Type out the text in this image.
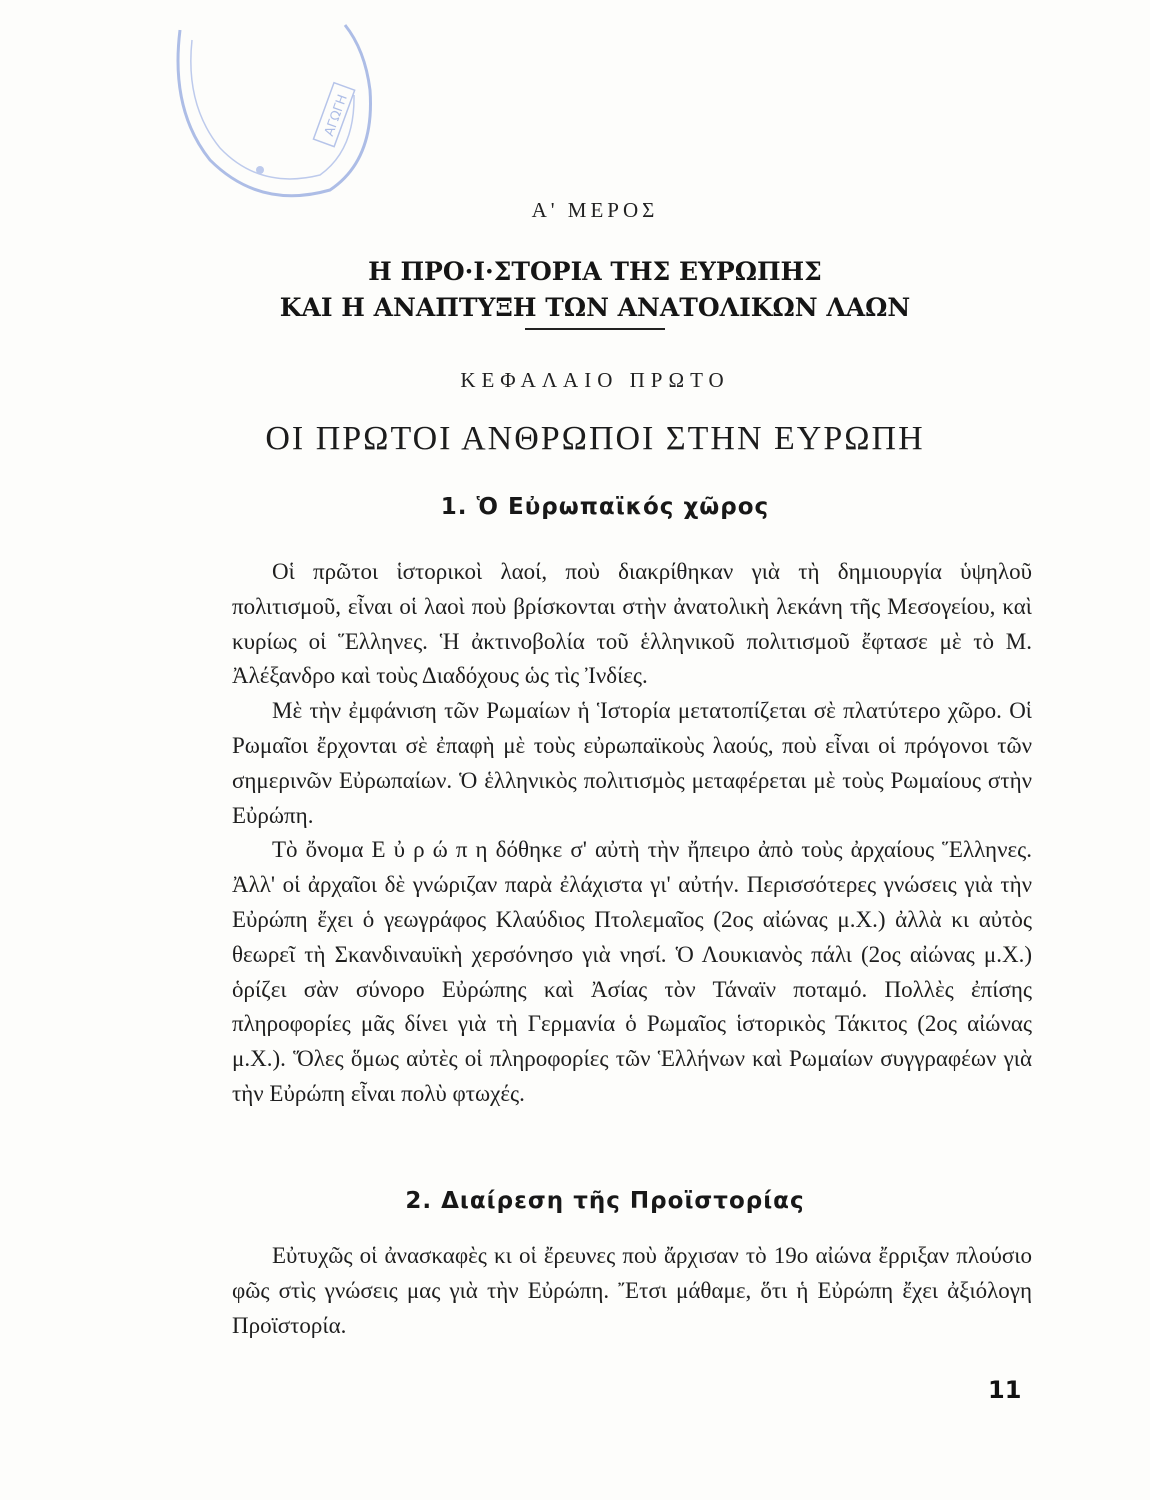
ΑΓΩΓΗ
Α' ΜΕΡΟΣ
Η ΠΡΟ·Ι·ΣΤΟΡΙΑ ΤΗΣ ΕΥΡΩΠΗΣ
ΚΑΙ Η ΑΝΑΠΤΥΞΗ ΤΩΝ ΑΝΑΤΟΛΙΚΩΝ ΛΑΩΝ
ΚΕΦΑΛΑΙΟ ΠΡΩΤΟ
ΟΙ ΠΡΩΤΟΙ ΑΝΘΡΩΠΟΙ ΣΤΗΝ ΕΥΡΩΠΗ
1. Ὁ Εὐρωπαϊκός χῶρος

Οἱ πρῶτοι ἱστορικοὶ λαοί, ποὺ διακρίθηκαν γιὰ τὴ δημιουργία ὑψηλοῦ πολιτισμοῦ, εἶναι οἱ λαοὶ ποὺ βρίσκονται στὴν ἀνατολικὴ λεκάνη τῆς Μεσογείου, καὶ κυρίως οἱ Ἕλληνες. Ἡ ἀκτινοβολία τοῦ ἑλληνικοῦ πολιτισμοῦ ἔφτασε μὲ τὸ Μ. Ἀλέξανδρο καὶ τοὺς Διαδόχους ὡς τὶς Ἰνδίες.

Μὲ τὴν ἐμφάνιση τῶν Ρωμαίων ἡ Ἱστορία μετατοπίζεται σὲ πλατύτερο χῶρο. Οἱ Ρωμαῖοι ἔρχονται σὲ ἐπαφὴ μὲ τοὺς εὐρωπαϊκοὺς λαούς, ποὺ εἶναι οἱ πρόγονοι τῶν σημερινῶν Εὐρωπαίων. Ὁ ἑλληνικὸς πολιτισμὸς μεταφέρεται μὲ τοὺς Ρωμαίους στὴν Εὐρώπη.

Τὸ ὄνομα Ε ὐ ρ ώ π η δόθηκε σ' αὐτὴ τὴν ἤπειρο ἀπὸ τοὺς ἀρχαίους Ἕλληνες. Ἀλλ' οἱ ἀρχαῖοι δὲ γνώριζαν παρὰ ἐλάχιστα γι' αὐτήν. Περισσότερες γνώσεις γιὰ τὴν Εὐρώπη ἔχει ὁ γεωγράφος Κλαύδιος Πτολεμαῖος (2ος αἰώνας μ.Χ.) ἀλλὰ κι αὐτὸς θεωρεῖ τὴ Σκανδιναυϊκὴ χερσόνησο γιὰ νησί. Ὁ Λουκιανὸς πάλι (2ος αἰώνας μ.Χ.) ὁρίζει σὰν σύνορο Εὐρώπης καὶ Ἀσίας τὸν Τάναϊν ποταμό. Πολλὲς ἐπίσης πληροφορίες μᾶς δίνει γιὰ τὴ Γερμανία ὁ Ρωμαῖος ἱστορικὸς Τάκιτος (2ος αἰώνας μ.Χ.). Ὅλες ὅμως αὐτὲς οἱ πληροφορίες τῶν Ἑλλήνων καὶ Ρωμαίων συγγραφέων γιὰ τὴν Εὐρώπη εἶναι πολὺ φτωχές.

2. Διαίρεση τῆς Προϊστορίας

Εὐτυχῶς οἱ ἀνασκαφὲς κι οἱ ἔρευνες ποὺ ἄρχισαν τὸ 19ο αἰώνα ἔρριξαν πλούσιο φῶς στὶς γνώσεις μας γιὰ τὴν Εὐρώπη. Ἔτσι μάθαμε, ὅτι ἡ Εὐρώπη ἔχει ἀξιόλογη Προϊστορία.

11
